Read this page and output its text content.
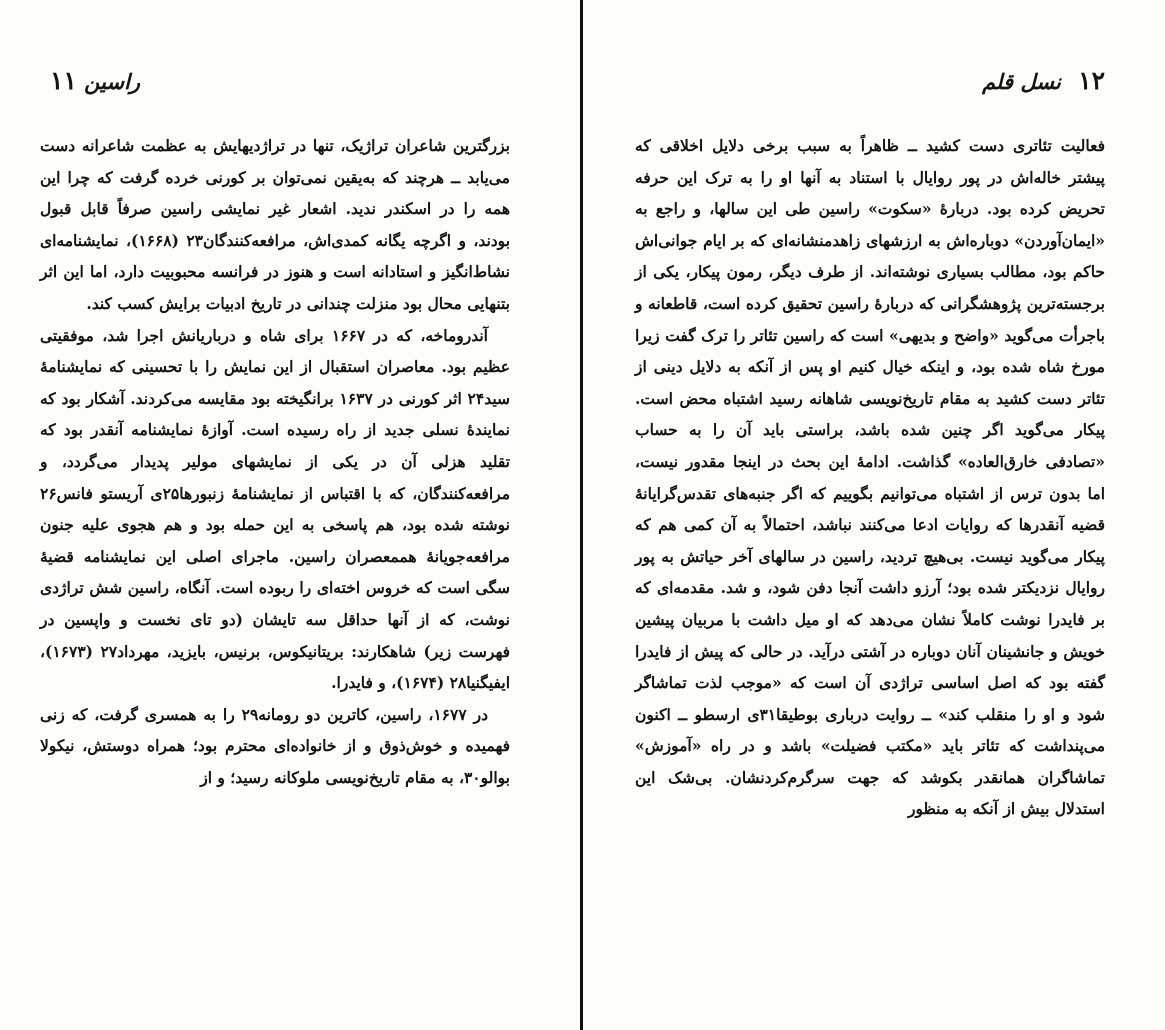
۱۲ نسل قلم

فعالیت تئاتری دست کشید ــ ظاهراً به سبب برخی دلایل اخلاقی که پیشتر خاله‌اش در پور روایال با استناد به آنها او را به ترک این حرفه تحریض کرده بود. دربارهٔ «سکوت» راسین طی این سالها، و راجع به «ایمان‌آوردن» دوباره‌اش به ارزشهای زاهدمنشانه‌ای که بر ایام جوانی‌اش حاکم بود، مطالب بسیاری نوشته‌اند. از طرف دیگر، رمون پیکار، یکی از برجسته‌ترین پژوهشگرانی که دربارهٔ راسین تحقیق کرده است، قاطعانه و باجرأت می‌گوید «واضح و بدیهی» است که راسین تئاتر را ترک گفت زیرا مورخ شاه شده بود، و اینکه خیال کنیم او پس از آنکه به دلایل دینی از تئاتر دست کشید به مقام تاریخ‌نویسی شاهانه رسید اشتباه محض است. پیکار می‌گوید اگر چنین شده باشد، براستی باید آن را به حساب «تصادفی خارق‌العاده» گذاشت. ادامهٔ این بحث در اینجا مقدور نیست، اما بدون ترس از اشتباه می‌توانیم بگوییم که اگر جنبه‌های تقدس‌گرایانهٔ قضیه آنقدرها که روایات ادعا می‌کنند نباشد، احتمالاً به آن کمی هم که پیکار می‌گوید نیست. بی‌هیچ تردید، راسین در سالهای آخر حیاتش به پور روایال نزدیکتر شده بود؛ آرزو داشت آنجا دفن شود، و شد. مقدمه‌ای که بر فایدرا نوشت کاملاً نشان می‌دهد که او میل داشت با مربیان پیشین خویش و جانشینان آنان دوباره در آشتی درآید. در حالی که پیش از فایدرا گفته بود که اصل اساسی تراژدی آن است که «موجب لذت تماشاگر شود و او را منقلب کند» ــ روایت درباری بوطیقا۳۱ی ارسطو ــ اکنون می‌پنداشت که تئاتر باید «مکتب فضیلت» باشد و در راه «آموزش» تماشاگران همانقدر بکوشد که جهت سرگرم‌کردنشان. بی‌شک این استدلال بیش از آنکه به منظور

راسین ۱۱

بزرگترین شاعران تراژیک، تنها در تراژدیهایش به عظمت شاعرانه دست می‌یابد ــ هرچند که به‌یقین نمی‌توان بر کورنی خرده گرفت که چرا این همه را در اسکندر ندید. اشعار غیر نمایشی راسین صرفاً قابل قبول بودند، و اگرچه یگانه کمدی‌اش، مرافعه‌کنندگان۲۳ (۱۶۶۸)، نمایشنامه‌ای نشاط‌انگیز و استادانه است و هنوز در فرانسه محبوبیت دارد، اما این اثر بتنهایی محال بود منزلت چندانی در تاریخ ادبیات برایش کسب کند.

آندروماخه، که در ۱۶۶۷ برای شاه و درباریانش اجرا شد، موفقیتی عظیم بود. معاصران استقبال از این نمایش را با تحسینی که نمایشنامهٔ سید۲۴ اثر کورنی در ۱۶۳۷ برانگیخته بود مقایسه می‌کردند. آشکار بود که نمایندهٔ نسلی جدید از راه رسیده است. آوازهٔ نمایشنامه آنقدر بود که تقلید هزلی آن در یکی از نمایشهای مولیر پدیدار می‌گردد، و مرافعه‌کنندگان، که با اقتباس از نمایشنامهٔ زنبورها۲۵ی آریستو فانس۲۶ نوشته شده بود، هم پاسخی به این حمله بود و هم هجوی علیه جنون مرافعه‌جویانهٔ هممعصران راسین. ماجرای اصلی این نمایشنامه قضیهٔ سگی است که خروس اخته‌ای را ربوده است. آنگاه، راسین شش تراژدی نوشت، که از آنها حداقل سه تایشان (دو تای نخست و واپسین در فهرست زیر) شاهکارند: بریتانیکوس، برنیس، بایزید، مهرداد۲۷ (۱۶۷۳)، ایفیگنیا۲۸ (۱۶۷۴)، و فایدرا.

در ۱۶۷۷، راسین، کاترین دو رومانه۲۹ را به همسری گرفت، که زنی فهمیده و خوش‌ذوق و از خانواده‌ای محترم بود؛ همراه دوستش، نیکولا بوالو۳۰، به مقام تاریخ‌نویسی ملوکانه رسید؛ و از
